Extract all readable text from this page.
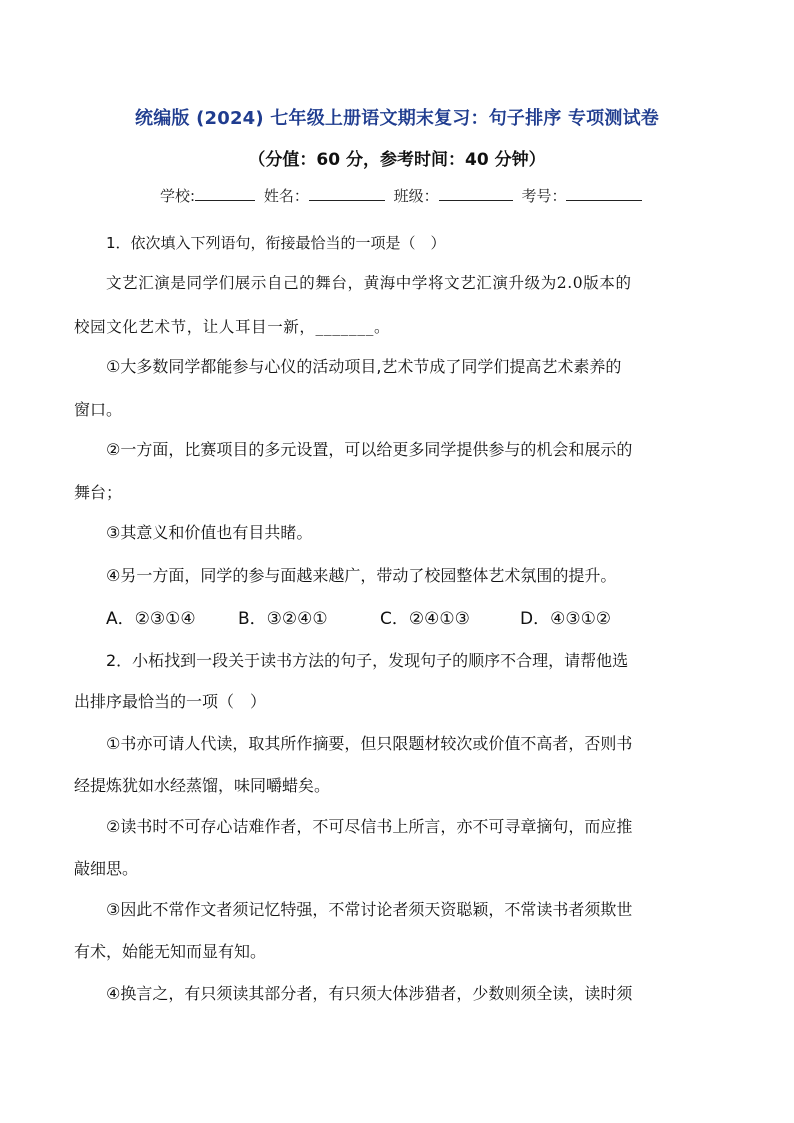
统编版 (2024) 七年级上册语文期末复习：句子排序 专项测试卷
（分值：60 分，参考时间：40 分钟）
学校:	姓名：	班级：	考号：
1．依次填入下列语句，衔接最恰当的一项是（　）
文艺汇演是同学们展示自己的舞台，黄海中学将文艺汇演升级为2.0版本的
校园文化艺术节，让人耳目一新，_______。
①大多数同学都能参与心仪的活动项目,艺术节成了同学们提高艺术素养的
窗口。
②一方面，比赛项目的多元设置，可以给更多同学提供参与的机会和展示的
舞台；
③其意义和价值也有目共睹。
④另一方面，同学的参与面越来越广，带动了校园整体艺术氛围的提升。
A．②③①④ B．③②④①	C．②④①③	D．④③①②
2．小柘找到一段关于读书方法的句子，发现句子的顺序不合理，请帮他选
出排序最恰当的一项（　）
①书亦可请人代读，取其所作摘要，但只限题材较次或价值不高者，否则书
经提炼犹如水经蒸馏，味同嚼蜡矣。
②读书时不可存心诘难作者，不可尽信书上所言，亦不可寻章摘句，而应推
敲细思。
③因此不常作文者须记忆特强，不常讨论者须天资聪颖，不常读书者须欺世
有术，始能无知而显有知。
④换言之，有只须读其部分者，有只须大体涉猎者，少数则须全读，读时须
